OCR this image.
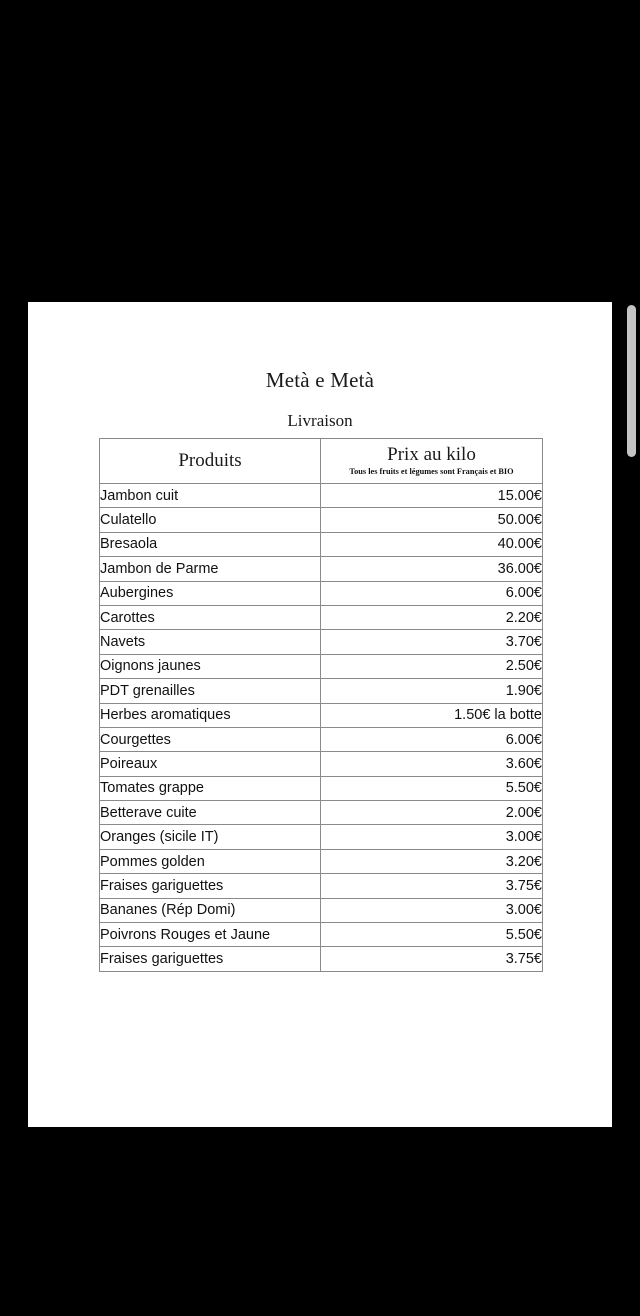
Metà e Metà
Livraison
Produits	Prix au kilo
Tous les fruits et légumes sont Français et BIO

Jambon cuit	15.00€
Culatello	50.00€
Bresaola	40.00€
Jambon de Parme	36.00€
Aubergines	6.00€
Carottes	2.20€
Navets	3.70€
Oignons jaunes	2.50€
PDT grenailles	1.90€
Herbes aromatiques	1.50€ la botte
Courgettes	6.00€
Poireaux	3.60€
Tomates grappe	5.50€
Betterave cuite	2.00€
Oranges (sicile IT)	3.00€
Pommes golden	3.20€
Fraises gariguettes	3.75€
Bananes (Rép Domi)	3.00€
Poivrons Rouges et Jaune	5.50€
Fraises gariguettes	3.75€
